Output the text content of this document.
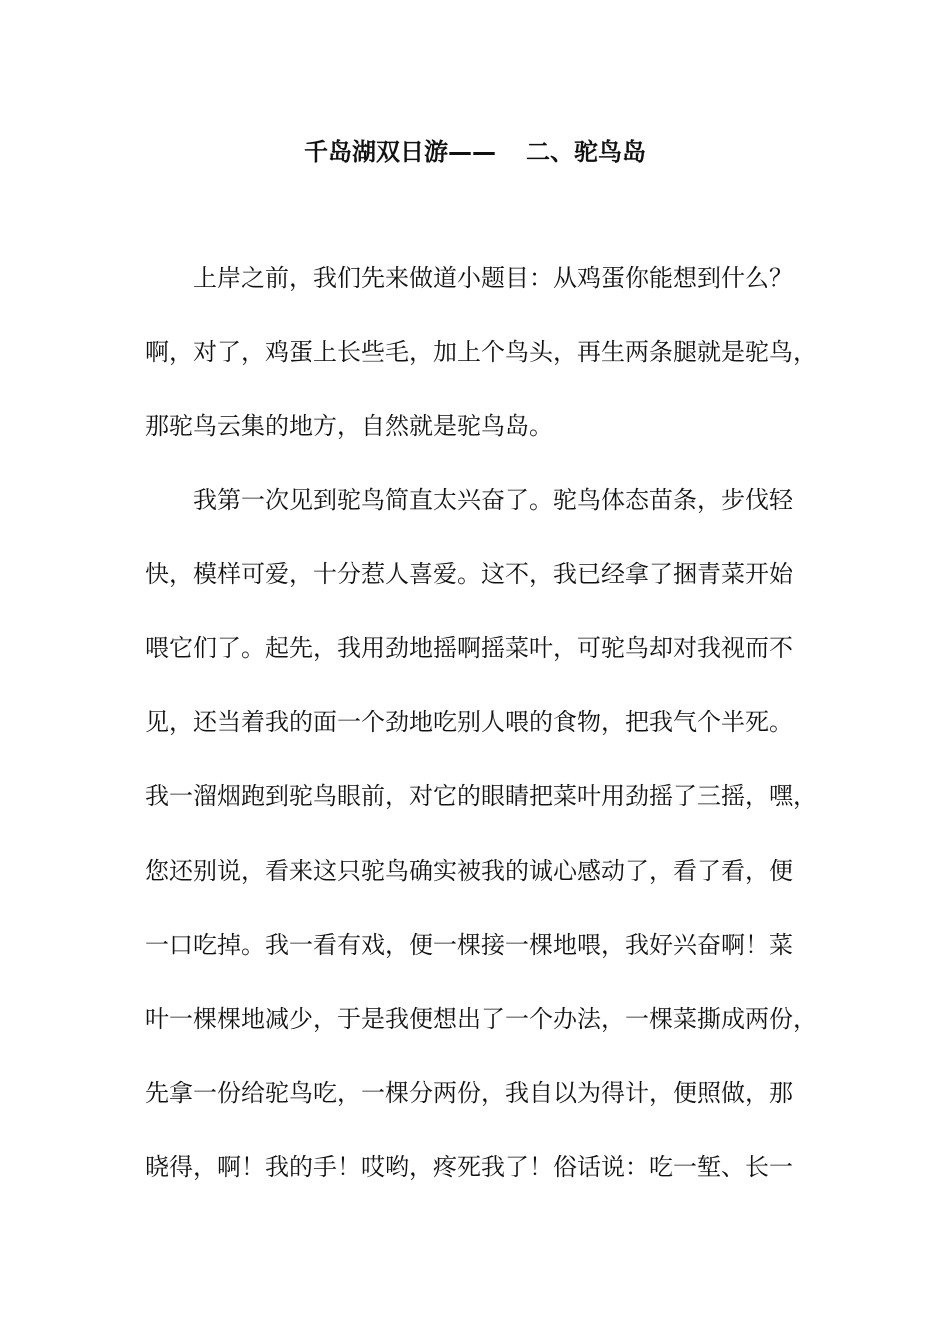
千岛湖双日游—— 二、驼鸟岛
上岸之前，我们先来做道小题目：从鸡蛋你能想到什么？
啊，对了，鸡蛋上长些毛，加上个鸟头，再生两条腿就是驼鸟，
那驼鸟云集的地方，自然就是驼鸟岛。
我第一次见到驼鸟简直太兴奋了。驼鸟体态苗条，步伐轻
快，模样可爱，十分惹人喜爱。这不，我已经拿了捆青菜开始
喂它们了。起先，我用劲地摇啊摇菜叶，可驼鸟却对我视而不
见，还当着我的面一个劲地吃别人喂的食物，把我气个半死。
我一溜烟跑到驼鸟眼前，对它的眼睛把菜叶用劲摇了三摇，嘿，
您还别说，看来这只驼鸟确实被我的诚心感动了，看了看，便
一口吃掉。我一看有戏，便一棵接一棵地喂，我好兴奋啊！菜
叶一棵棵地减少，于是我便想出了一个办法，一棵菜撕成两份，
先拿一份给驼鸟吃，一棵分两份，我自以为得计，便照做，那
晓得，啊！我的手！哎哟，疼死我了！俗话说：吃一堑、长一
